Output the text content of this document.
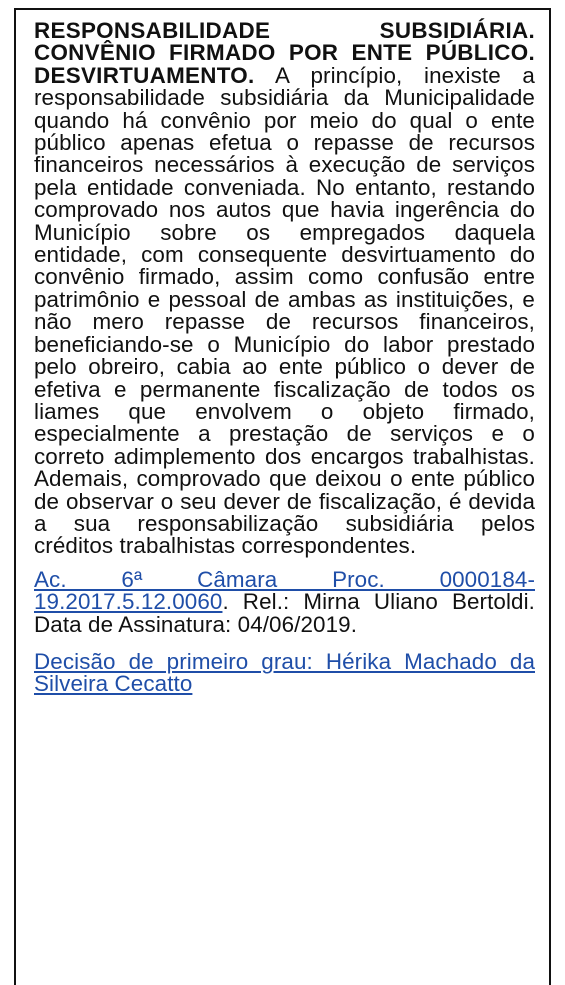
RESPONSABILIDADE SUBSIDIÁRIA. CONVÊNIO FIRMADO POR ENTE PÚBLICO. DESVIRTUAMENTO. A princípio, inexiste a responsabilidade subsidiária da Municipalidade quando há convênio por meio do qual o ente público apenas efetua o repasse de recursos financeiros necessários à execução de serviços pela entidade conveniada. No entanto, restando comprovado nos autos que havia ingerência do Município sobre os empregados daquela entidade, com consequente desvirtuamento do convênio firmado, assim como confusão entre patrimônio e pessoal de ambas as instituições, e não mero repasse de recursos financeiros, beneficiando-se o Município do labor prestado pelo obreiro, cabia ao ente público o dever de efetiva e permanente fiscalização de todos os liames que envolvem o objeto firmado, especialmente a prestação de serviços e o correto adimplemento dos encargos trabalhistas. Ademais, comprovado que deixou o ente público de observar o seu dever de fiscalização, é devida a sua responsabilização subsidiária pelos créditos trabalhistas correspondentes.

Ac. 6ª Câmara Proc. 0000184-19.2017.5.12.0060. Rel.: Mirna Uliano Bertoldi. Data de Assinatura: 04/06/2019.

Decisão de primeiro grau: Hérika Machado da Silveira Cecatto
